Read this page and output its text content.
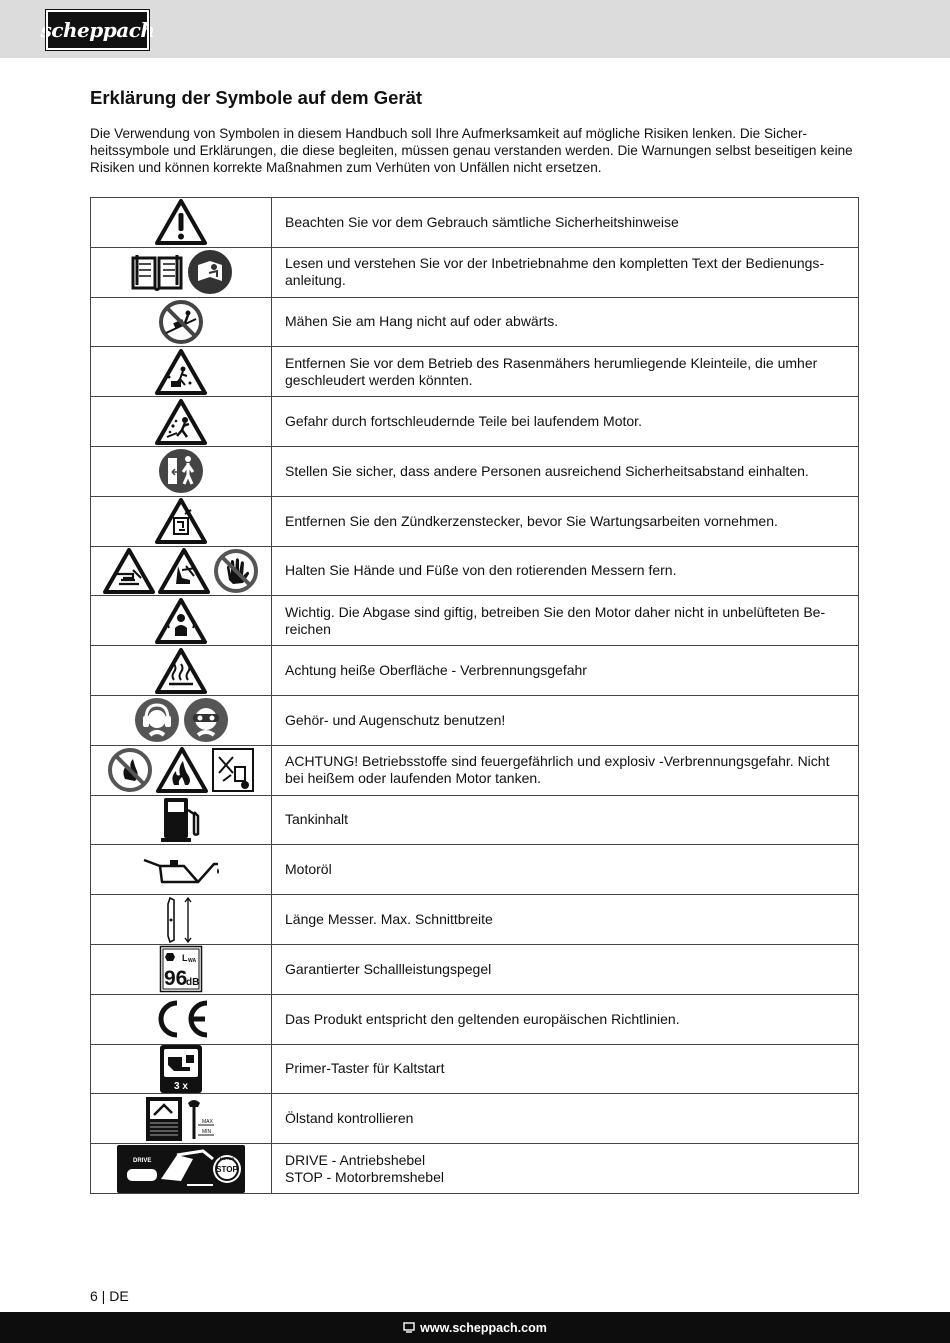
scheppach
Erklärung der Symbole auf dem Gerät

Die Verwendung von Symbolen in diesem Handbuch soll Ihre Aufmerksamkeit auf mögliche Risiken lenken. Die Sicherheitssymbole und Erklärungen, die diese begleiten, müssen genau verstanden werden. Die Warnungen selbst beseitigen keine Risiken und können korrekte Maßnahmen zum Verhüten von Unfällen nicht ersetzen.

	Beachten Sie vor dem Gebrauch sämtliche Sicherheitshinweise

	Lesen und verstehen Sie vor der Inbetriebnahme den kompletten Text der Bedienungsanleitung.

	Mähen Sie am Hang nicht auf oder abwärts.

	Entfernen Sie vor dem Betrieb des Rasenmähers herumliegende Kleinteile, die umher geschleudert werden könnten.

	Gefahr durch fortschleudernde Teile bei laufendem Motor.

	Stellen Sie sicher, dass andere Personen ausreichend Sicherheitsabstand einhalten.

	Entfernen Sie den Zündkerzenstecker, bevor Sie Wartungsarbeiten vornehmen.

	Halten Sie Hände und Füße von den rotierenden Messern fern.

	Wichtig. Die Abgase sind giftig, betreiben Sie den Motor daher nicht in unbelüfteten Bereichen

	Achtung heiße Oberfläche - Verbrennungsgefahr

	Gehör- und Augenschutz benutzen!

	ACHTUNG! Betriebsstoffe sind feuergefährlich und explosiv -Verbrennungsgefahr. Nicht bei heißem oder laufenden Motor tanken.

	Tankinhalt

	Motoröl

	Länge Messer. Max. Schnittbreite

L WA
96
dB	Garantierter Schallleistungspegel

	Das Produkt entspricht den geltenden europäischen Richtlinien.

3 x	Primer-Taster für Kaltstart

MAX
MIN	Ölstand kontrollieren

DRIVE MOTOR
STOP	DRIVE - Antriebshebel
STOP - Motorbremshebel
6 | DE
www.scheppach.com
